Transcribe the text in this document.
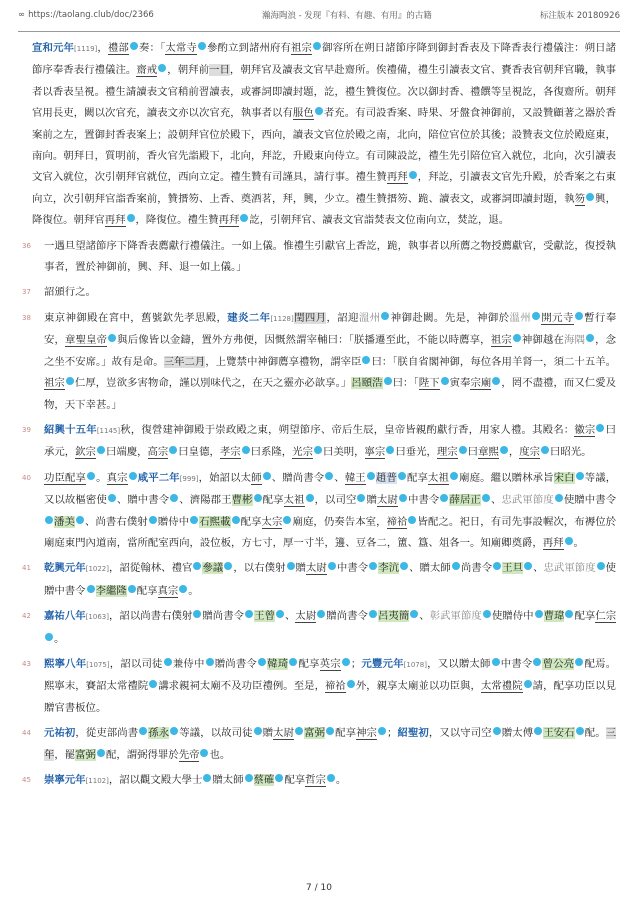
∞ https://taolang.club/doc/2366	瀚海陶浪 - 发现『有料、有趣、有用』的古籍	标注版本 20180926
宣和元年[1119]，禮部 奏：「太常寺 參酌立到諸州府有祖宗 御容所在朔日諸節序降到御封香表及下降香表行禮儀注：朔日諸節序奉香表行禮儀注。齋戒 ，朝拜前一日，朝拜官及讀表文官早赴齋所。俟禮備，禮生引讀表文官、賚香表官朝拜官職，執事者以香表呈視。禮生請讀表文官稍前習讀表，或審詞即讀封題，訖，禮生贊復位。次以御封香、禮饌等呈視訖，各復齋所。朝拜官用長吏，闕以次官充，讀表文亦以次官充，執事者以有服色 者充。有司設香案、時果、牙盤食神御前，又設贊顧著之器於香案前之左，置御封香表案上；設朝拜官位於殿下，西向，讀表文官位於殿之南，北向，陪位官位於其後；設贊表文位於殿庭東，南向。朝拜日，質明前，香火官先詣殿下，北向，拜訖，升殿東向侍立。有司陳設訖，禮生先引陪位官入就位，北向，次引讀表文官入就位，次引朝拜官就位，西向立定。禮生贊有司謹具，請行事。禮生贊再拜 ，拜訖，引讀表文官先升殿，於香案之右東向立，次引朝拜官詣香案前，贊搢笏、上香、奠酒茗，拜，興，少立。禮生贊搢笏、跪、讀表文，或審詞即讀封題，執笏 興，降復位。朝拜官再拜 ，降復位。禮生贊再拜 訖，引朝拜官、讀表文官詣焚表文位南向立，焚訖，退。
36 一遇旦望諸節序下降香表薦獻行禮儀注。一如上儀。惟禮生引獻官上香訖，跪，執事者以所薦之物授薦獻官，受獻訖，復授執事者，置於神御前，興、拜、退一如上儀。」
37 詔頒行之。
38 東京神御殿在宮中，舊號欽先孝思殿，建炎二年[1128]閏四月，詔迎溫州 神御赴闕。先是，神御於溫州 開元寺 暫行奉安，章聖皇帝 與后像皆以金鑄，置外方弗便，因慨然謂宰輔曰：「朕播遷至此，不能以時薦享，祖宗 神御越在海隅 ，念之坐不安席。」故有是命。三年二月，上覽禁中神御薦享禮物，謂宰臣 曰：「朕自省閣神御，每位各用羊肾一，須二十五羊。祖宗 仁厚，豈欲多害物命，謹以別味代之，在天之靈亦必歆享。」呂頤浩 曰：「陛下 寅奉宗廟 ，罔不盡禮，而又仁愛及物，天下幸甚。」
39 紹興十五年[1145]秋，復營建神御殿于崇政殿之東，朔望節序、帝后生辰，皇帝皆親酌獻行香，用家人禮。其殿名：徽宗 曰承元，欽宗 曰端慶，高宗 曰皇德，孝宗 曰系隆，光宗 曰美明，寧宗 曰垂光，理宗 曰章熙 ，度宗 曰昭光。
40 功臣配享 。真宗 咸平二年[999]，始詔以太師 、贈尚書令 、韓王 趙普 配享太祖 廟庭。繼以贈林承旨宋白 等議，又以故樞密使 、贈中書令 、濟陽郡王曹彬 配享太祖 ，以司空 贈太尉 中書令 薛居正 、忠武軍節度 使贈中書令潘美 、尚書右僕射 贈侍中 石熙載 配享太宗 廟庭，仍奏告本室，禘祫 皆配之。祀日，有司先事設幄次，布褥位於廟庭東門內道南，當所配室西向，設位板，方七寸，厚一寸半，籩、豆各二，簠、簋、俎各一。知廟卿奠爵，再拜 。
41 乾興元年[1022]，詔從翰林、禮官 參議 ，以右僕射 贈太尉 中書令 李沆 、贈太師 尚書令 王旦 、忠武軍節度 使贈中書令 李繼隆 配享真宗 。
42 嘉祐八年[1063]，詔以尚書右僕射 贈尚書令 王曾 、太尉 贈尚書令 呂夷簡 、彰武軍節度 使贈侍中 曹瑋 配享仁宗。
43 熙寧八年[1075]，詔以司徒 兼侍中 贈尚書令 韓琦 配享英宗 ；元豐元年[1078]，又以贈太師 中書令 曾公亮 配焉。熙寧末，賽詔太常禮院 講求親祠太廟不及功臣禮例。至是，禘祫 外，親享太廟並以功臣與，太常禮院 請，配享功臣以見贈官書板位。
44 元祐初，從吏部尚書 孫永 等議，以故司徒 贈太尉 富弼 配享神宗 ；紹聖初，又以守司空 贈太傅 王安石 配。三年，罷富弼 配，謂弼得罪於先帝 也。
45 崇寧元年[1102]，詔以觀文殿大學士 贈太師 蔡確 配享哲宗 。
7 / 10
